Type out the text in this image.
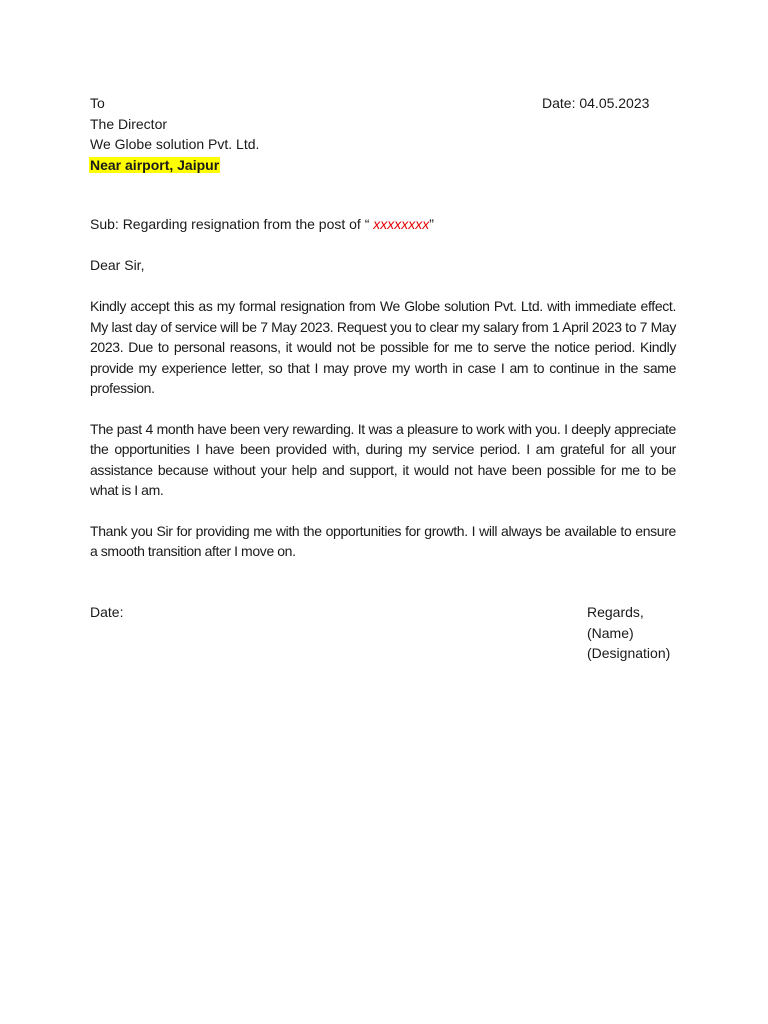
To	Date: 04.05.2023
The Director
We Globe solution Pvt. Ltd.
Near airport, Jaipur
Sub: Regarding resignation from the post of “ xxxxxxxx”
Dear Sir,
Kindly accept this as my formal resignation from We Globe solution Pvt. Ltd. with immediate effect. My last day of service will be 7 May 2023. Request you to clear my salary from 1 April 2023 to 7 May 2023. Due to personal reasons, it would not be possible for me to serve the notice period. Kindly provide my experience letter, so that I may prove my worth in case I am to continue in the same profession.
The past 4 month have been very rewarding. It was a pleasure to work with you. I deeply appreciate the opportunities I have been provided with, during my service period. I am grateful for all your assistance because without your help and support, it would not have been possible for me to be what is I am.
Thank you Sir for providing me with the opportunities for growth. I will always be available to ensure a smooth transition after I move on.
Date:	Regards,
(Name)
(Designation)
